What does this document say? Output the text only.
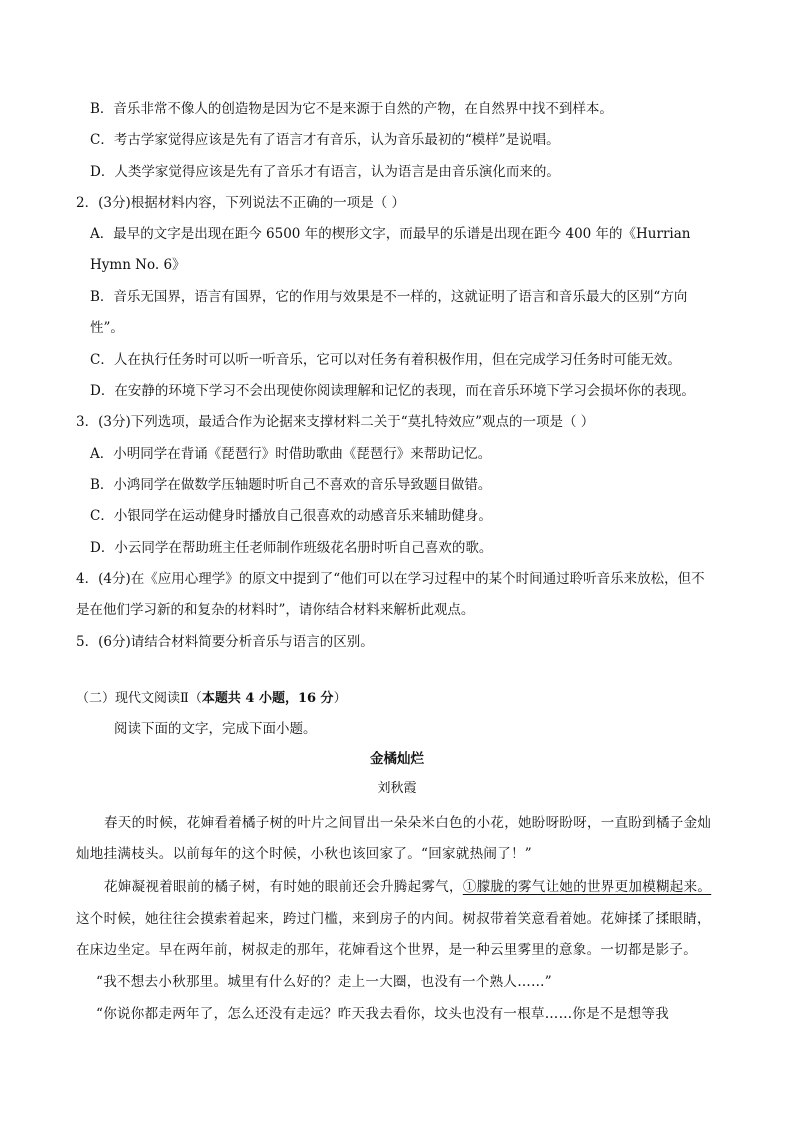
B．音乐非常不像人的创造物是因为它不是来源于自然的产物，在自然界中找不到样本。
C．考古学家觉得应该是先有了语言才有音乐，认为音乐最初的“模样”是说唱。
D．人类学家觉得应该是先有了音乐才有语言，认为语言是由音乐演化而来的。
2．(3分)根据材料内容，下列说法不正确的一项是（ ）
A．最早的文字是出现在距今 6500 年的楔形文字，而最早的乐谱是出现在距今 400 年的《Hurrian
Hymn No. 6》
B．音乐无国界，语言有国界，它的作用与效果是不一样的，这就证明了语言和音乐最大的区别“方向
性”。
C．人在执行任务时可以听一听音乐，它可以对任务有着积极作用，但在完成学习任务时可能无效。
D．在安静的环境下学习不会出现使你阅读理解和记忆的表现，而在音乐环境下学习会损坏你的表现。
3．(3分)下列选项，最适合作为论据来支撑材料二关于“莫扎特效应”观点的一项是（ ）
A．小明同学在背诵《琵琶行》时借助歌曲《琵琶行》来帮助记忆。
B．小鸿同学在做数学压轴题时听自己不喜欢的音乐导致题目做错。
C．小银同学在运动健身时播放自己很喜欢的动感音乐来辅助健身。
D．小云同学在帮助班主任老师制作班级花名册时听自己喜欢的歌。
4．(4分)在《应用心理学》的原文中提到了“他们可以在学习过程中的某个时间通过聆听音乐来放松，但不
是在他们学习新的和复杂的材料时”，请你结合材料来解析此观点。
5．(6分)请结合材料简要分析音乐与语言的区别。
（二）现代文阅读Ⅱ（本题共 4 小题，16 分）
阅读下面的文字，完成下面小题。
金橘灿烂
刘秋霞
春天的时候，花婶看着橘子树的叶片之间冒出一朵朵米白色的小花，她盼呀盼呀，一直盼到橘子金灿
灿地挂满枝头。以前每年的这个时候，小秋也该回家了。“回家就热闹了！”
花婶凝视着眼前的橘子树，有时她的眼前还会升腾起雾气，①朦胧的雾气让她的世界更加模糊起来。
这个时候，她往往会摸索着起来，跨过门槛，来到房子的内间。树叔带着笑意看着她。花婶揉了揉眼睛，
在床边坐定。早在两年前，树叔走的那年，花婶看这个世界，是一种云里雾里的意象。一切都是影子。
“我不想去小秋那里。城里有什么好的？走上一大圈，也没有一个熟人……”
“你说你都走两年了，怎么还没有走远？昨天我去看你，坟头也没有一根草……你是不是想等我
